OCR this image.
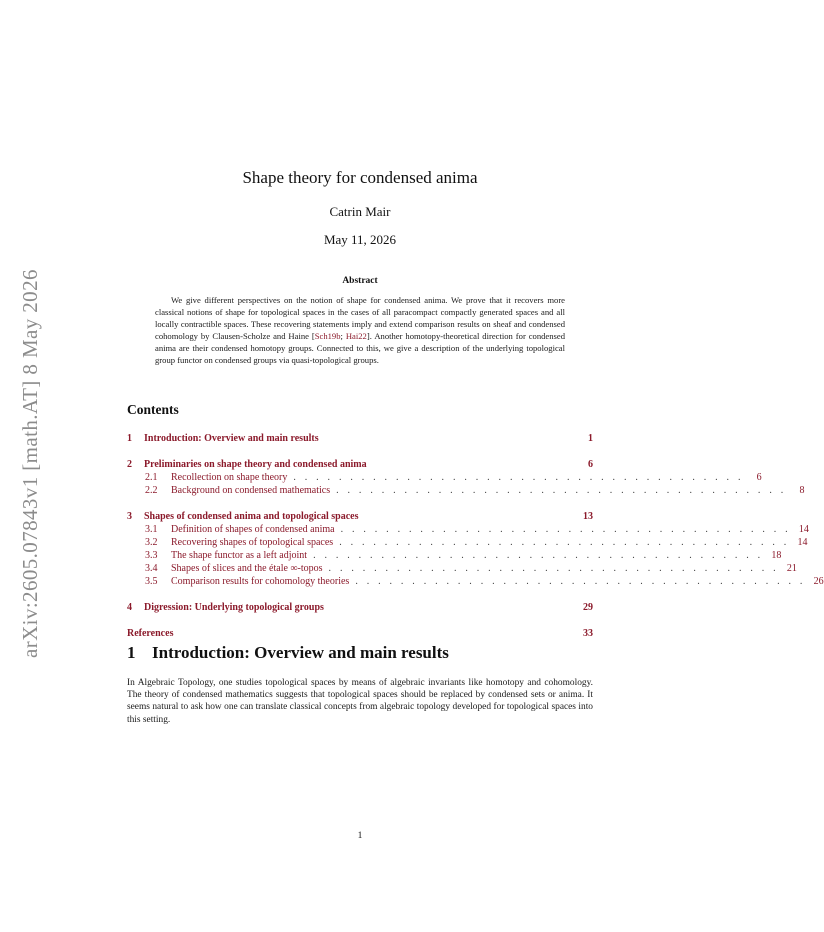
arXiv:2605.07843v1 [math.AT] 8 May 2026
Shape theory for condensed anima
Catrin Mair
May 11, 2026
Abstract
We give different perspectives on the notion of shape for condensed anima. We prove that it recovers more classical notions of shape for topological spaces in the cases of all paracompact compactly generated spaces and all locally contractible spaces. These recovering statements imply and extend comparison results on sheaf and condensed cohomology by Clausen-Scholze and Haine [Sch19b; Hai22]. Another homotopy-theoretical direction for condensed anima are their condensed homotopy groups. Connected to this, we give a description of the underlying topological group functor on condensed groups via quasi-topological groups.
Contents
1 Introduction: Overview and main results	1
2 Preliminaries on shape theory and condensed anima	6
2.1	Recollection on shape theory . . . . . . . . . . . . . . . . . . . . . . . . . . . . . . . . . . . . . . . .	6
2.2	Background on condensed mathematics . . . . . . . . . . . . . . . . . . . . . . . . . . . . . . . . . . . . . . . .	8
3 Shapes of condensed anima and topological spaces	13
3.1	Definition of shapes of condensed anima . . . . . . . . . . . . . . . . . . . . . . . . . . . . . . . . . . . . . . . . 14
3.2	Recovering shapes of topological spaces . . . . . . . . . . . . . . . . . . . . . . . . . . . . . . . . . . . . . . . . 14
3.3	The shape functor as a left adjoint . . . . . . . . . . . . . . . . . . . . . . . . . . . . . . . . . . . . . . . . 18
3.4	Shapes of slices and the étale ∞-topos . . . . . . . . . . . . . . . . . . . . . . . . . . . . . . . . . . . . . . . . 21
3.5	Comparison results for cohomology theories . . . . . . . . . . . . . . . . . . . . . . . . . . . . . . . . . . . . . . . . 26
4 Digression: Underlying topological groups	29
References	33
1 Introduction: Overview and main results
In Algebraic Topology, one studies topological spaces by means of algebraic invariants like homotopy and cohomology. The theory of condensed mathematics suggests that topological spaces should be replaced by condensed sets or anima. It seems natural to ask how one can translate classical concepts from algebraic topology developed for topological spaces into this setting.
1
